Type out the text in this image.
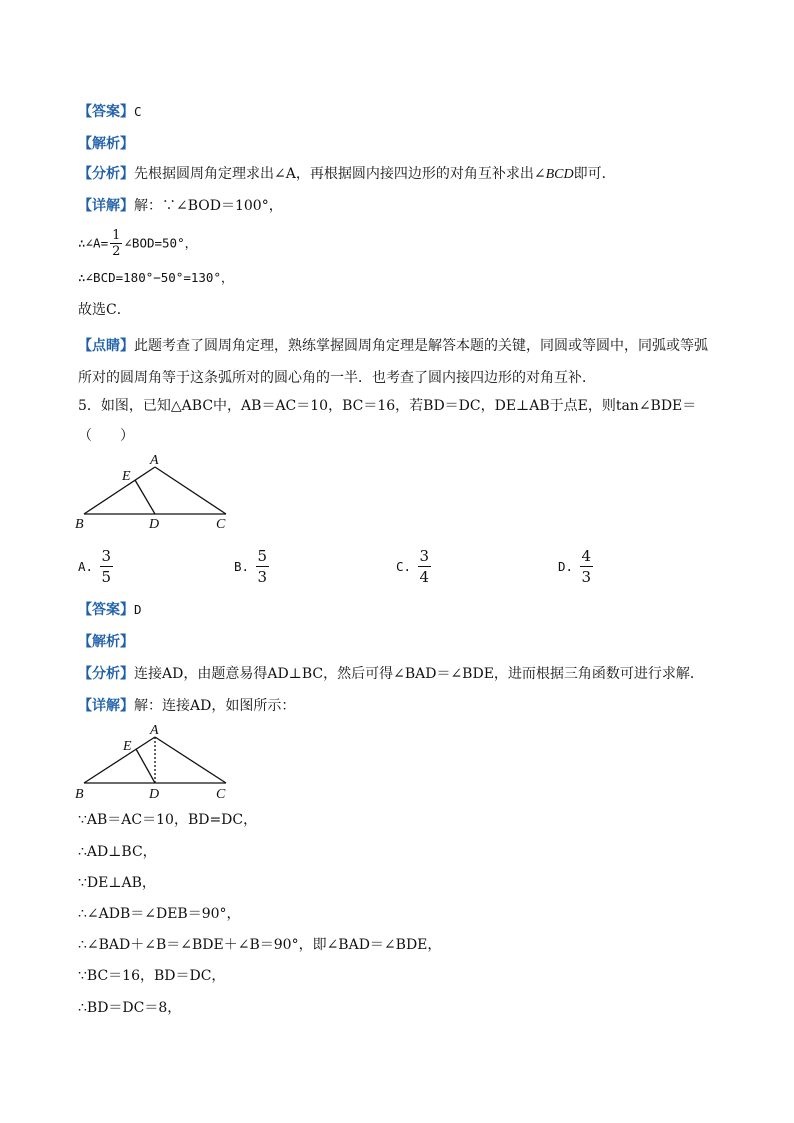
【答案】C
【解析】
【分析】先根据圆周角定理求出∠A，再根据圆内接四边形的对角互补求出∠BCD即可．
【详解】解：∵∠BOD＝100°，
∴∠A= $\frac{1}{2}$ ∠BOD=50°，
∴∠BCD=180°−50°=130°，
故选C．
【点睛】此题考查了圆周角定理，熟练掌握圆周角定理是解答本题的关键，同圆或等圆中，同弧或等弧所对的圆周角等于这条弧所对的圆心角的一半．也考查了圆内接四边形的对角互补．
5．如图，已知△ABC中，AB＝AC＝10，BC＝16，若BD＝DC，DE⊥AB于点E，则tan∠BDE＝
（　　）
A
B	C
D
E
A. $\frac{3}{5}$	B. $\frac{5}{3}$	C. $\frac{3}{4}$	D. $\frac{4}{3}$
【答案】D
【解析】
【分析】连接AD，由题意易得AD⊥BC，然后可得∠BAD＝∠BDE，进而根据三角函数可进行求解．
【详解】解：连接AD，如图所示：
A
B	C
D
E
∵AB＝AC＝10，BD=DC，
∴AD⊥BC，
∵DE⊥AB，
∴∠ADB＝∠DEB＝90°，
∴∠BAD＋∠B＝∠BDE＋∠B＝90°，即∠BAD＝∠BDE，
∵BC＝16，BD＝DC，
∴BD＝DC＝8，
